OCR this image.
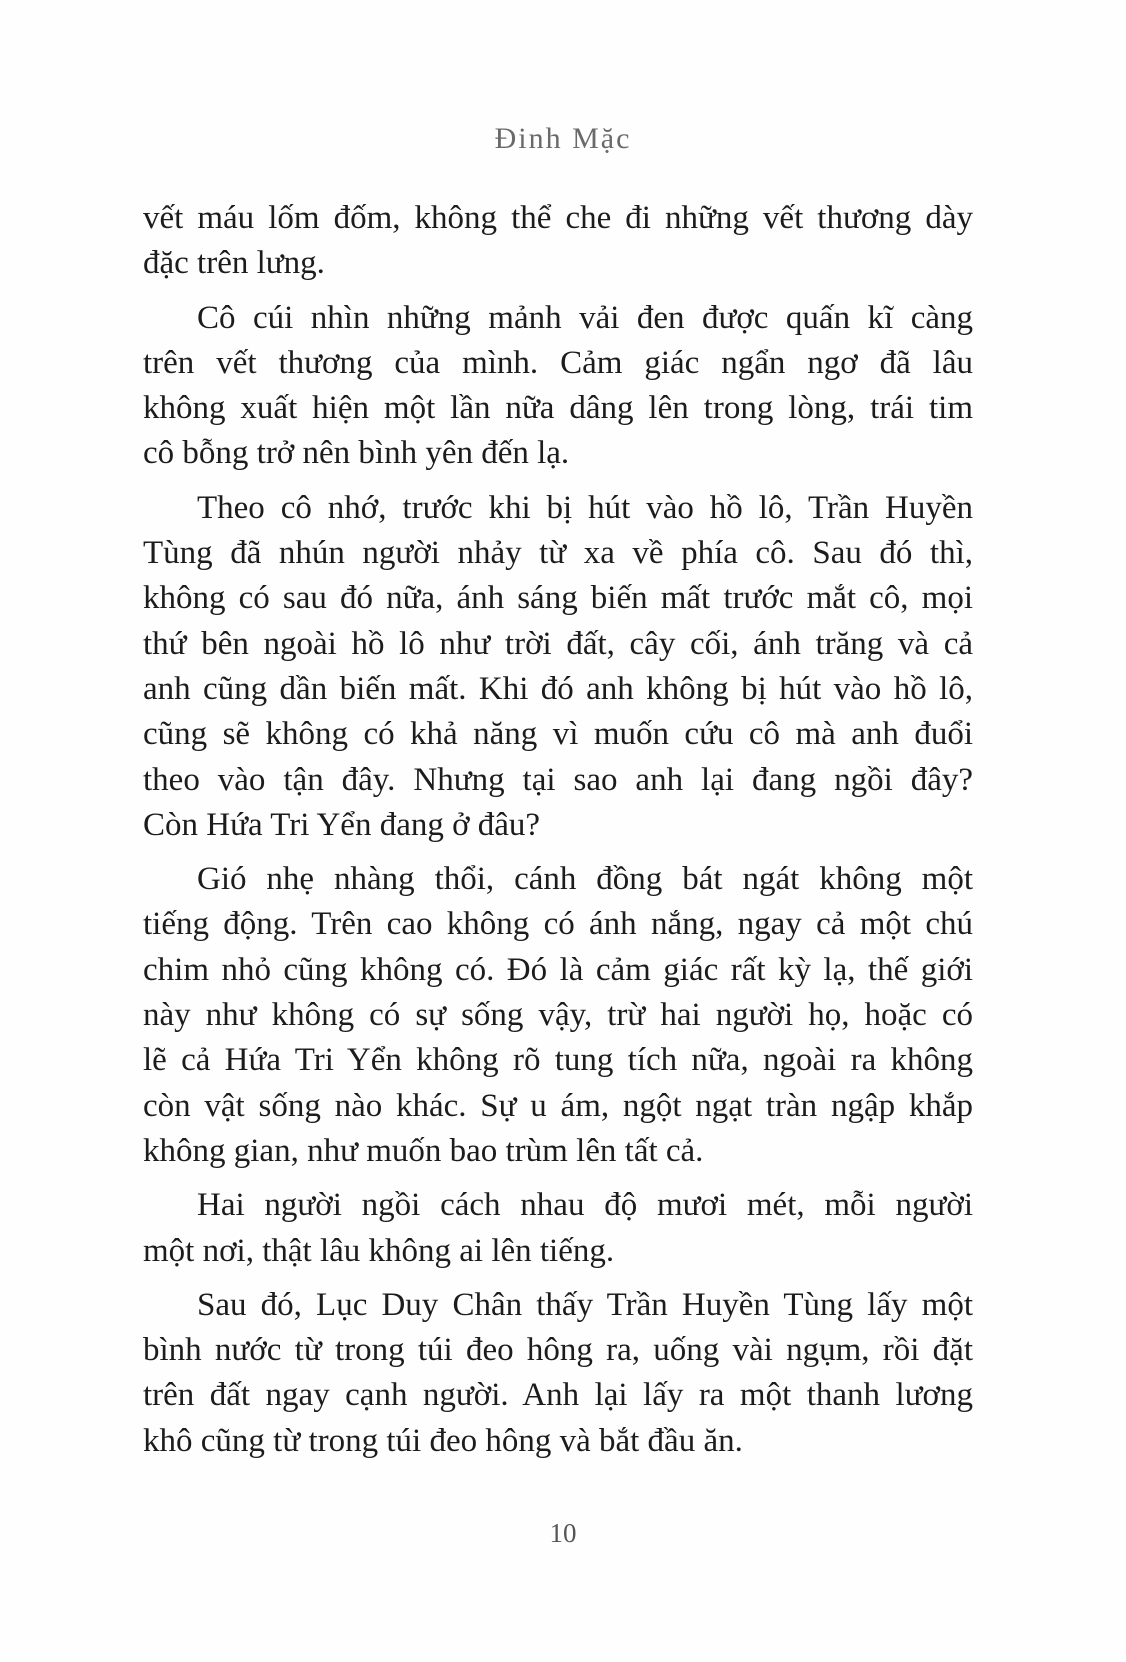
Đinh Mặc
vết máu lốm đốm, không thể che đi những vết thương dày
đặc trên lưng.
Cô cúi nhìn những mảnh vải đen được quấn kĩ càng
trên vết thương của mình. Cảm giác ngẩn ngơ đã lâu
không xuất hiện một lần nữa dâng lên trong lòng, trái tim
cô bỗng trở nên bình yên đến lạ.
Theo cô nhớ, trước khi bị hút vào hồ lô, Trần Huyền
Tùng đã nhún người nhảy từ xa về phía cô. Sau đó thì,
không có sau đó nữa, ánh sáng biến mất trước mắt cô, mọi
thứ bên ngoài hồ lô như trời đất, cây cối, ánh trăng và cả
anh cũng dần biến mất. Khi đó anh không bị hút vào hồ lô,
cũng sẽ không có khả năng vì muốn cứu cô mà anh đuổi
theo vào tận đây. Nhưng tại sao anh lại đang ngồi đây?
Còn Hứa Tri Yển đang ở đâu?
Gió nhẹ nhàng thổi, cánh đồng bát ngát không một
tiếng động. Trên cao không có ánh nắng, ngay cả một chú
chim nhỏ cũng không có. Đó là cảm giác rất kỳ lạ, thế giới
này như không có sự sống vậy, trừ hai người họ, hoặc có
lẽ cả Hứa Tri Yển không rõ tung tích nữa, ngoài ra không
còn vật sống nào khác. Sự u ám, ngột ngạt tràn ngập khắp
không gian, như muốn bao trùm lên tất cả.
Hai người ngồi cách nhau độ mươi mét, mỗi người
một nơi, thật lâu không ai lên tiếng.
Sau đó, Lục Duy Chân thấy Trần Huyền Tùng lấy một
bình nước từ trong túi đeo hông ra, uống vài ngụm, rồi đặt
trên đất ngay cạnh người. Anh lại lấy ra một thanh lương
khô cũng từ trong túi đeo hông và bắt đầu ăn.
10
